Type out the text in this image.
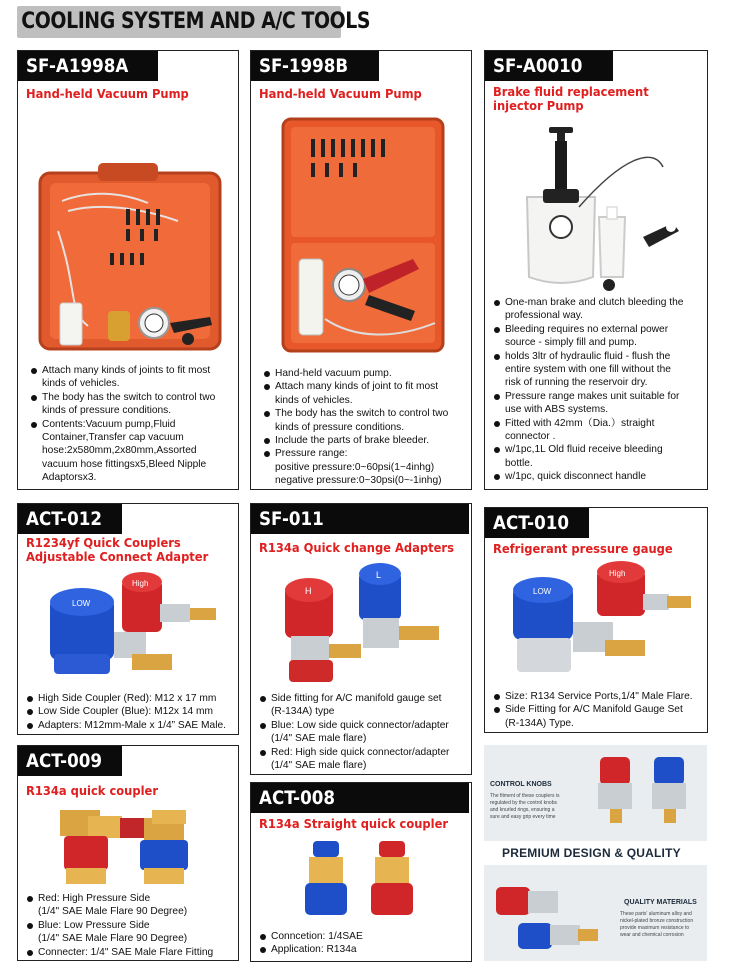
COOLING SYSTEM AND A/C TOOLS
SF-A1998A
Hand-held Vacuum Pump
Attach many kinds of joints to fit most
kinds of vehicles.
The body has the switch to control two
kinds of pressure conditions.
Contents:Vacuum pump,Fluid
Container,Transfer cap vacuum
hose:2x580mm,2x80mm,Assorted
vacuum hose fittingsx5,Bleed Nipple
Adaptorsx3.
SF-1998B
Hand-held Vacuum Pump
Hand-held vacuum pump.
Attach many kinds of joint to fit most
kinds of vehicles.
The body has the switch to control two
kinds of pressure conditions.
Include the parts of brake bleeder.
Pressure range:
positive pressure:0~60psi(1~4inhg)
negative pressure:0~30psi(0~-1inhg)
SF-A0010
Brake fluid replacement
injector Pump
One-man brake and clutch bleeding the
professional way.
Bleeding requires no external power
source - simply fill and pump.
holds 3ltr of hydraulic fluid - flush the
entire system with one fill without the
risk of running the reservoir dry.
Pressure range makes unit suitable for
use with ABS systems.
Fitted with 42mm（Dia.）straight
connector .
w/1pc,1L Old fluid receive bleeding
bottle.
w/1pc, quick disconnect handle
ACT-012
R1234yf Quick Couplers
Adjustable Connect Adapter
High
LOW
High Side Coupler (Red): M12 x 17 mm
Low Side Coupler (Blue): M12x 14 mm
Adapters: M12mm-Male x 1/4” SAE Male.
SF-011
R134a Quick change Adapters
L
H
Side fitting for A/C manifold gauge set
(R-134A) type
Blue: Low side quick connector/adapter
(1/4" SAE male flare)
Red: High side quick connector/adapter
(1/4" SAE male flare)
ACT-010
Refrigerant pressure gauge
High
LOW
Size: R134 Service Ports,1/4" Male Flare.
Side Fitting for A/C Manifold Gauge Set
(R-134A) Type.
ACT-009
R134a quick coupler
Red: High Pressure Side
(1/4" SAE Male Flare 90 Degree)
Blue: Low Pressure Side
(1/4" SAE Male Flare 90 Degree)
Connecter: 1/4" SAE Male Flare Fitting
ACT-008
R134a Straight quick coupler
Conncetion: 1/4SAE
Application: R134a
CONTROL KNOBS
The fitment of these couplers is
regulated by the control knobs
and knurled rings, ensuring a
sure and easy grip every time
PREMIUM DESIGN & QUALITY
QUALITY MATERIALS
These parts' aluminum alloy and
nickel-plated bronze construction
provide maximum resistance to
wear and chemical corrosion
